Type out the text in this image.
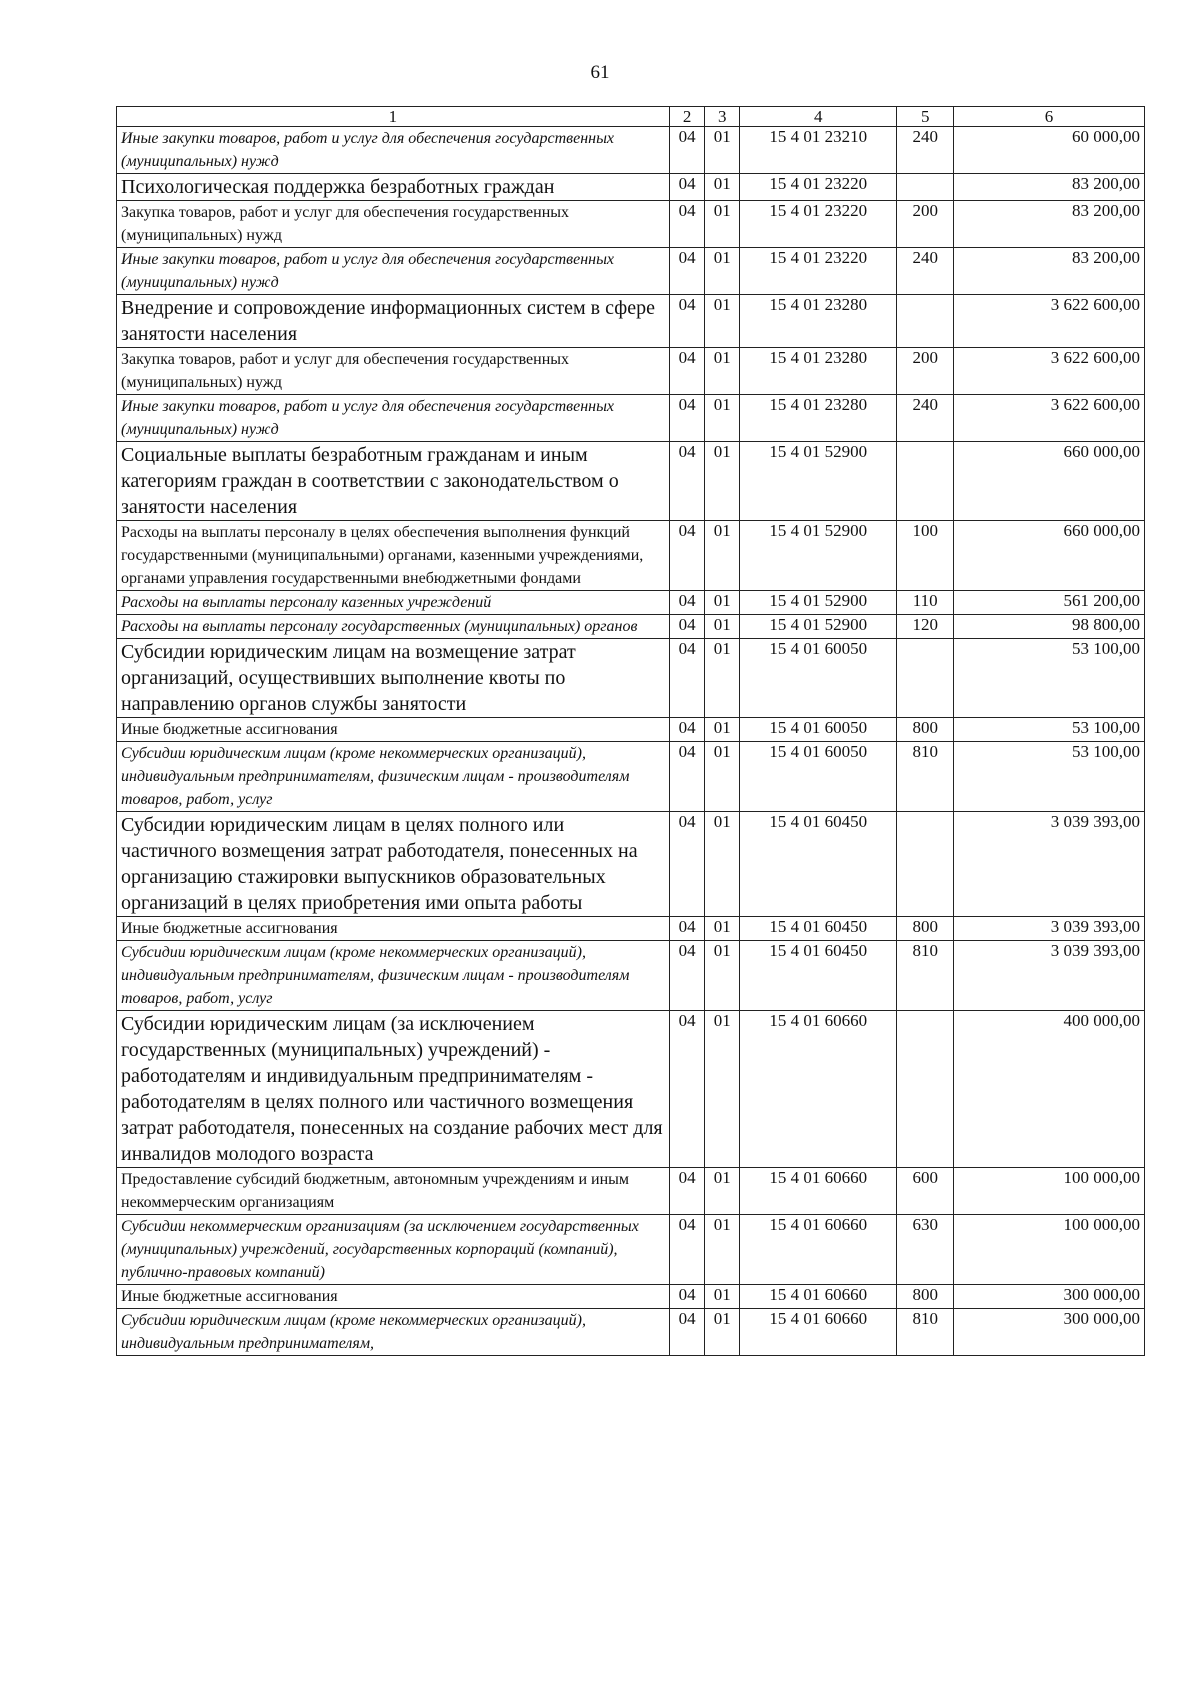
61
1	2	3	4	5	6
Иные закупки товаров, работ и услуг для обеспечения государственных (муниципальных) нужд	04	01	15 4 01 23210	240	60 000,00
Психологическая поддержка безработных граждан	04	01	15 4 01 23220		83 200,00
Закупка товаров, работ и услуг для обеспечения государственных (муниципальных) нужд	04	01	15 4 01 23220	200	83 200,00
Иные закупки товаров, работ и услуг для обеспечения государственных (муниципальных) нужд	04	01	15 4 01 23220	240	83 200,00
Внедрение и сопровождение информационных систем в сфере занятости населения	04	01	15 4 01 23280		3 622 600,00
Закупка товаров, работ и услуг для обеспечения государственных (муниципальных) нужд	04	01	15 4 01 23280	200	3 622 600,00
Иные закупки товаров, работ и услуг для обеспечения государственных (муниципальных) нужд	04	01	15 4 01 23280	240	3 622 600,00
Социальные выплаты безработным гражданам и иным категориям граждан в соответствии с законодательством о занятости населения	04	01	15 4 01 52900		660 000,00
Расходы на выплаты персоналу в целях обеспечения выполнения функций государственными (муниципальными) органами, казенными учреждениями, органами управления государственными внебюджетными фондами	04	01	15 4 01 52900	100	660 000,00
Расходы на выплаты персоналу казенных учреждений	04	01	15 4 01 52900	110	561 200,00
Расходы на выплаты персоналу государственных (муниципальных) органов	04	01	15 4 01 52900	120	98 800,00
Субсидии юридическим лицам на возмещение затрат организаций, осуществивших выполнение квоты по направлению органов службы занятости	04	01	15 4 01 60050		53 100,00
Иные бюджетные ассигнования	04	01	15 4 01 60050	800	53 100,00
Субсидии юридическим лицам (кроме некоммерческих организаций), индивидуальным предпринимателям, физическим лицам - производителям товаров, работ, услуг	04	01	15 4 01 60050	810	53 100,00
Субсидии юридическим лицам в целях полного или частичного возмещения затрат работодателя, понесенных на организацию стажировки выпускников образовательных организаций в целях приобретения ими опыта работы	04	01	15 4 01 60450		3 039 393,00
Иные бюджетные ассигнования	04	01	15 4 01 60450	800	3 039 393,00
Субсидии юридическим лицам (кроме некоммерческих организаций), индивидуальным предпринимателям, физическим лицам - производителям товаров, работ, услуг	04	01	15 4 01 60450	810	3 039 393,00
Субсидии юридическим лицам (за исключением государственных (муниципальных) учреждений) - работодателям и индивидуальным предпринимателям - работодателям в целях полного или частичного возмещения затрат работодателя, понесенных на создание рабочих мест для инвалидов молодого возраста	04	01	15 4 01 60660		400 000,00
Предоставление субсидий бюджетным, автономным учреждениям и иным некоммерческим организациям	04	01	15 4 01 60660	600	100 000,00
Субсидии некоммерческим организациям (за исключением государственных (муниципальных) учреждений, государственных корпораций (компаний), публично-правовых компаний)	04	01	15 4 01 60660	630	100 000,00
Иные бюджетные ассигнования	04	01	15 4 01 60660	800	300 000,00
Субсидии юридическим лицам (кроме некоммерческих организаций), индивидуальным предпринимателям,	04	01	15 4 01 60660	810	300 000,00
